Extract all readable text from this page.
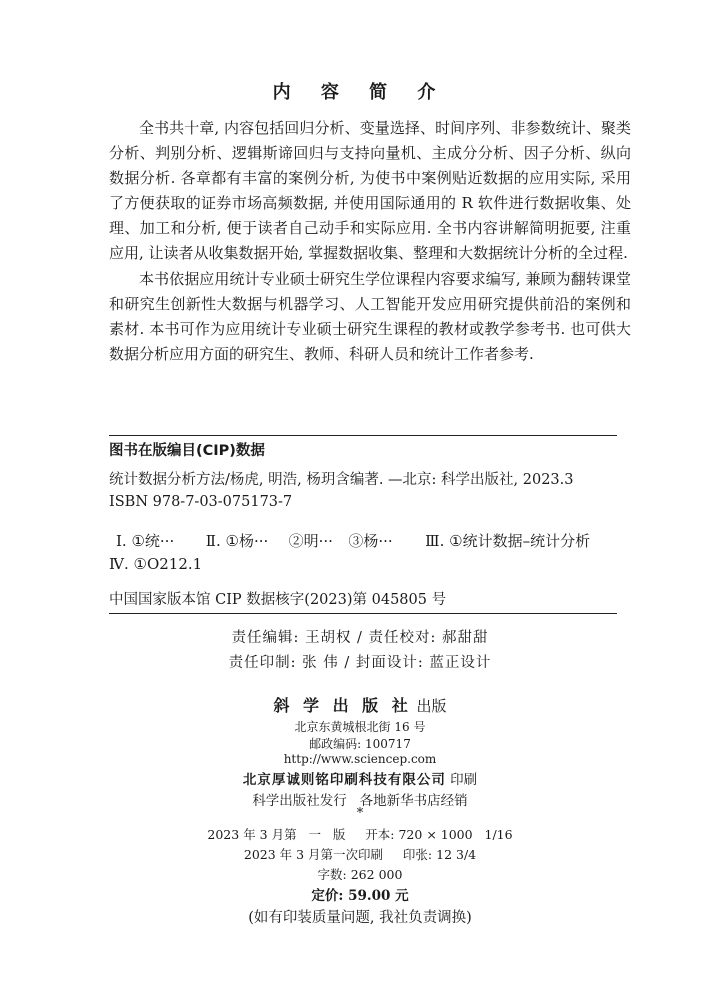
内 容 简 介

全书共十章, 内容包括回归分析、变量选择、时间序列、非参数统计、聚类分析、判别分析、逻辑斯谛回归与支持向量机、主成分分析、因子分析、纵向数据分析. 各章都有丰富的案例分析, 为使书中案例贴近数据的应用实际, 采用了方便获取的证券市场高频数据, 并使用国际通用的 R 软件进行数据收集、处理、加工和分析, 便于读者自己动手和实际应用. 全书内容讲解简明扼要, 注重应用, 让读者从收集数据开始, 掌握数据收集、整理和大数据统计分析的全过程.

本书依据应用统计专业硕士研究生学位课程内容要求编写, 兼顾为翻转课堂和研究生创新性大数据与机器学习、人工智能开发应用研究提供前沿的案例和素材. 本书可作为应用统计专业硕士研究生课程的教材或教学参考书. 也可供大数据分析应用方面的研究生、教师、科研人员和统计工作者参考.

图书在版编目(CIP)数据
统计数据分析方法/杨虎, 明浩, 杨玥含编著. —北京: 科学出版社, 2023.3
ISBN 978-7-03-075173-7
Ⅰ. ①统··· Ⅱ. ①杨··· ②明··· ③杨··· Ⅲ. ①统计数据–统计分析
Ⅳ. ①O212.1
中国国家版本馆 CIP 数据核字(2023)第 045805 号
责任编辑: 王胡权 / 责任校对: 郝甜甜
责任印制: 张 伟 / 封面设计: 蓝正设计
斜 学 出 版 社 出版
北京东黄城根北街 16 号
邮政编码: 100717
http://www.sciencep.com
北京厚诚则铭印刷科技有限公司 印刷
科学出版社发行   各地新华书店经销
*
2023 年 3 月第   一   版     开本: 720 × 1000   1/16
2023 年 3 月第一次印刷     印张: 12 3/4
字数: 262 000
定价: 59.00 元
(如有印装质量问题, 我社负责调换)
